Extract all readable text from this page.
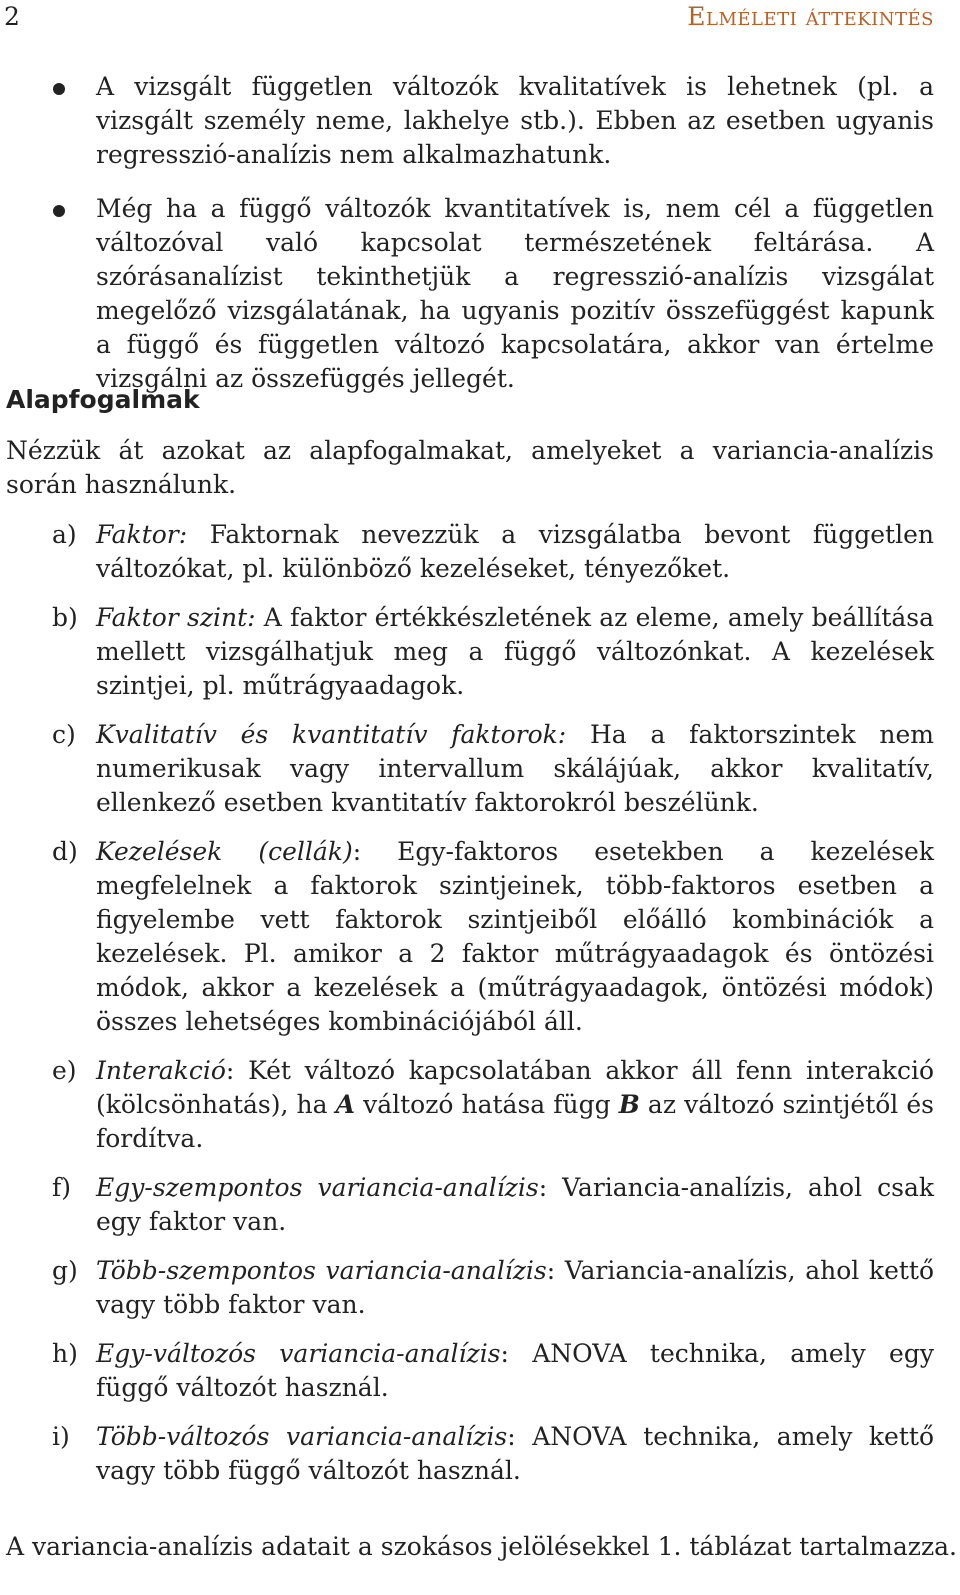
2	Elméleti áttekintés
A vizsgált független változók kvalitatívek is lehetnek (pl. a vizsgált személy neme, lakhelye stb.). Ebben az esetben ugyanis regresszió-analízis nem alkalmazhatunk.
Még ha a függő változók kvantitatívek is, nem cél a független változóval való kapcsolat természetének feltárása. A szórásanalízist tekinthetjük a regresszió-analízis vizsgálat megelőző vizsgálatának, ha ugyanis pozitív összefüggést kapunk a függő és független változó kapcsolatára, akkor van értelme vizsgálni az összefüggés jellegét.
Alapfogalmak
Nézzük át azokat az alapfogalmakat, amelyeket a variancia-analízis során használunk.
a) Faktor: Faktornak nevezzük a vizsgálatba bevont független változókat, pl. különböző kezeléseket, tényezőket.
b) Faktor szint: A faktor értékkészletének az eleme, amely beállítása mellett vizsgálhatjuk meg a függő változónkat. A kezelések szintjei, pl. műtrágyaadagok.
c) Kvalitatív és kvantitatív faktorok: Ha a faktorszintek nem numerikusak vagy intervallum skálájúak, akkor kvalitatív, ellenkező esetben kvantitatív faktorokról beszélünk.
d) Kezelések (cellák): Egy-faktoros esetekben a kezelések megfelelnek a faktorok szintjeinek, több-faktoros esetben a figyelembe vett faktorok szintjeiből előálló kombinációk a kezelések. Pl. amikor a 2 faktor műtrágyaadagok és öntözési módok, akkor a kezelések a (műtrágyaadagok, öntözési módok) összes lehetséges kombinációjából áll.
e) Interakció: Két változó kapcsolatában akkor áll fenn interakció (kölcsönhatás), ha A változó hatása függ B az változó szintjétől és fordítva.
f) Egy-szempontos variancia-analízis: Variancia-analízis, ahol csak egy faktor van.
g) Több-szempontos variancia-analízis: Variancia-analízis, ahol kettő vagy több faktor van.
h) Egy-változós variancia-analízis: ANOVA technika, amely egy függő változót használ.
i) Több-változós variancia-analízis: ANOVA technika, amely kettő vagy több függő változót használ.
A variancia-analízis adatait a szokásos jelölésekkel 1. táblázat tartalmazza.
